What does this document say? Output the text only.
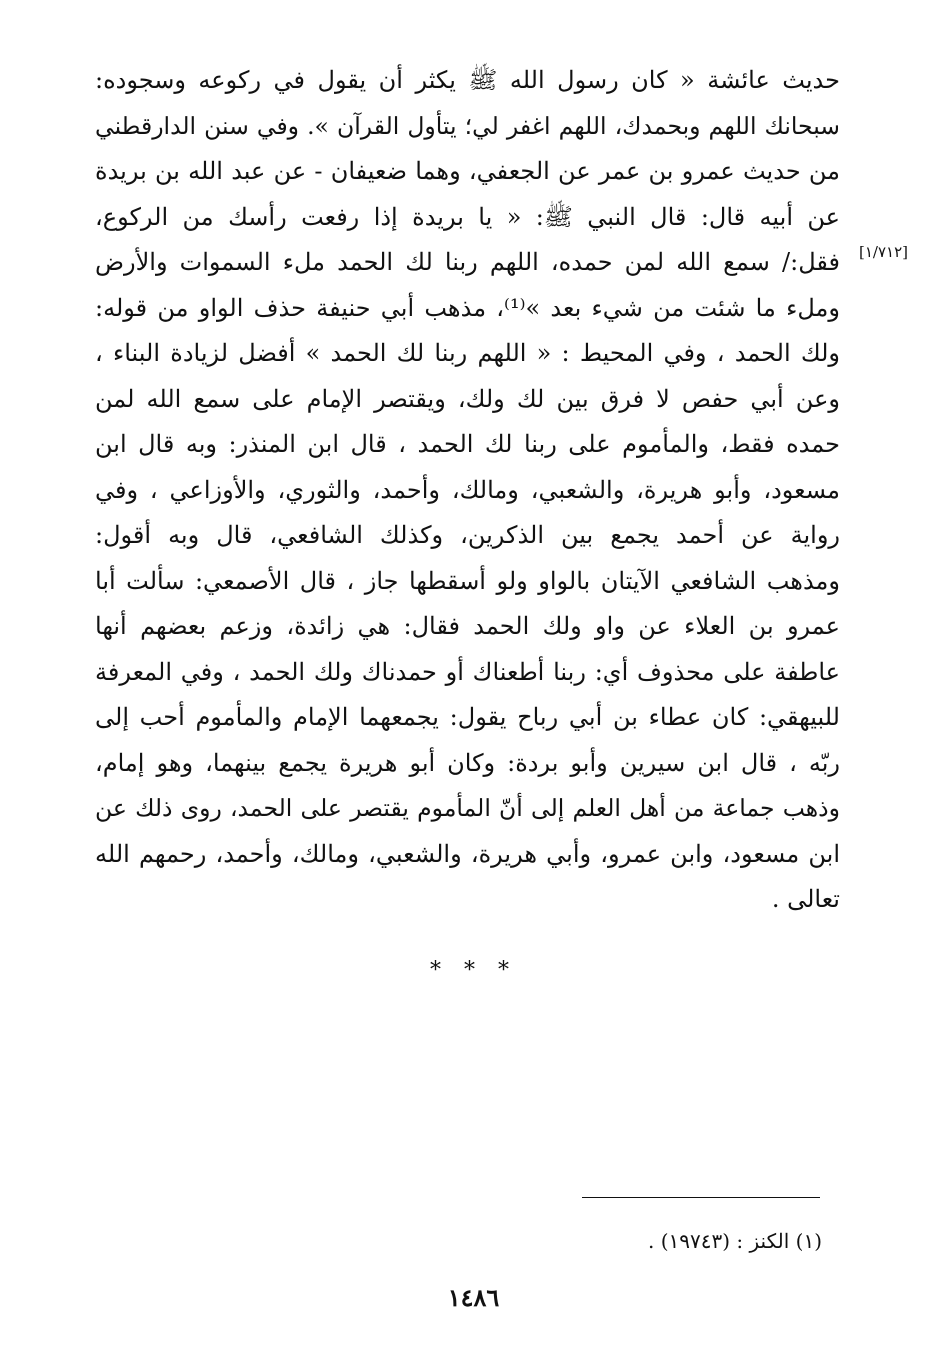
[١/٧١٢]
حديث عائشة « كان رسول الله ﷺ يكثر أن يقول في ركوعه وسجوده:
سبحانك اللهم وبحمدك، اللهم اغفر لي؛ يتأول القرآن ». وفي سنن الدارقطني
من حديث عمرو بن عمر عن الجعفي، وهما ضعيفان - عن عبد الله بن بريدة
عن أبيه قال: قال النبي ﷺ: « يا بريدة إذا رفعت رأسك من الركوع،
فقل:/ سمع الله لمن حمده، اللهم ربنا لك الحمد ملء السموات والأرض
وملء ما شئت من شيء بعد »⁽¹⁾، مذهب أبي حنيفة حذف الواو من قوله:
ولك الحمد ، وفي المحيط : « اللهم ربنا لك الحمد » أفضل لزيادة البناء ،
وعن أبي حفص لا فرق بين لك ولك، ويقتصر الإمام على سمع الله لمن
حمده فقط، والمأموم على ربنا لك الحمد ، قال ابن المنذر: وبه قال ابن
مسعود، وأبو هريرة، والشعبي، ومالك، وأحمد، والثوري، والأوزاعي ، وفي
رواية عن أحمد يجمع بين الذكرين، وكذلك الشافعي، قال وبه أقول:
ومذهب الشافعي الآيتان بالواو ولو أسقطها جاز ، قال الأصمعي: سألت أبا
عمرو بن العلاء عن واو ولك الحمد فقال: هي زائدة، وزعم بعضهم أنها
عاطفة على محذوف أي: ربنا أطعناك أو حمدناك ولك الحمد ، وفي المعرفة
للبيهقي: كان عطاء بن أبي رباح يقول: يجمعهما الإمام والمأموم أحب إلى
ربّه ، قال ابن سيرين وأبو بردة: وكان أبو هريرة يجمع بينهما، وهو إمام،
وذهب جماعة من أهل العلم إلى أنّ المأموم يقتصر على الحمد، روى ذلك عن
ابن مسعود، وابن عمرو، وأبي هريرة، والشعبي، ومالك، وأحمد، رحمهم الله
تعالى .
* * *
(١) الكنز : (١٩٧٤٣) .
١٤٨٦
